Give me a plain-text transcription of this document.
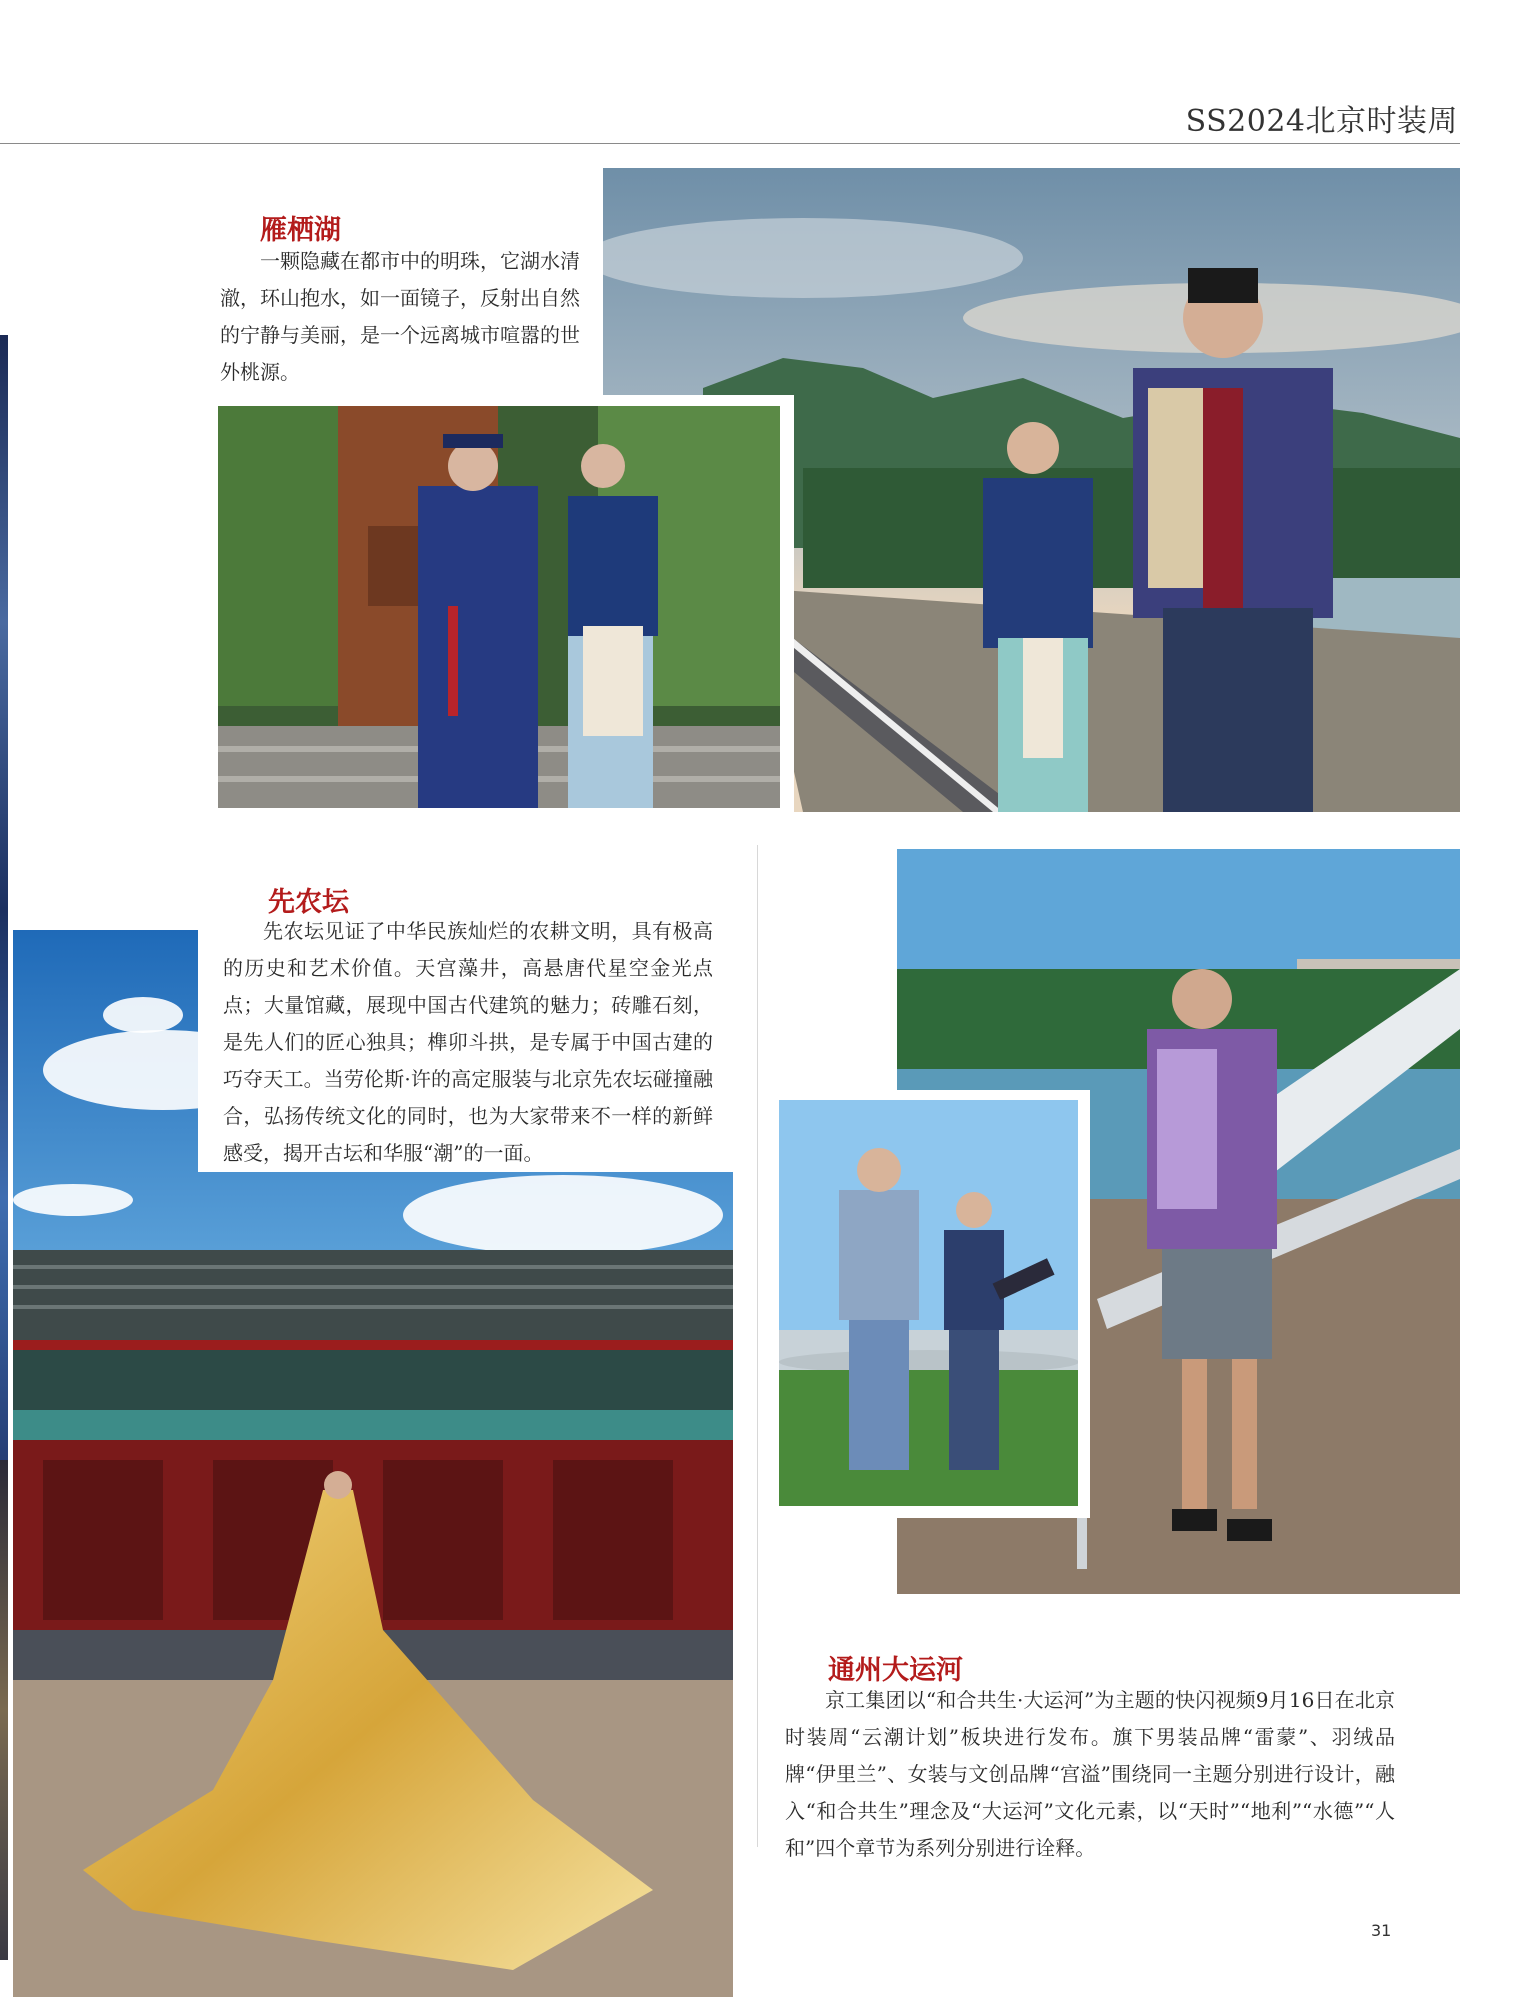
SS2024北京时装周
雁栖湖
一颗隐藏在都市中的明珠，它湖水清澈，环山抱水，如一面镜子，反射出自然的宁静与美丽，是一个远离城市喧嚣的世外桃源。
先农坛
先农坛见证了中华民族灿烂的农耕文明，具有极高的历史和艺术价值。天宫藻井，高悬唐代星空金光点点；大量馆藏，展现中国古代建筑的魅力；砖雕石刻，是先人们的匠心独具；榫卯斗拱，是专属于中国古建的巧夺天工。当劳伦斯·许的高定服装与北京先农坛碰撞融合，弘扬传统文化的同时，也为大家带来不一样的新鲜感受，揭开古坛和华服“潮”的一面。
通州大运河
京工集团以“和合共生·大运河”为主题的快闪视频9月16日在北京时装周“云潮计划”板块进行发布。旗下男装品牌“雷蒙”、羽绒品牌“伊里兰”、女装与文创品牌“宫溢”围绕同一主题分别进行设计，融入“和合共生”理念及“大运河”文化元素，以“天时”“地利”“水德”“人和”四个章节为系列分别进行诠释。
31
